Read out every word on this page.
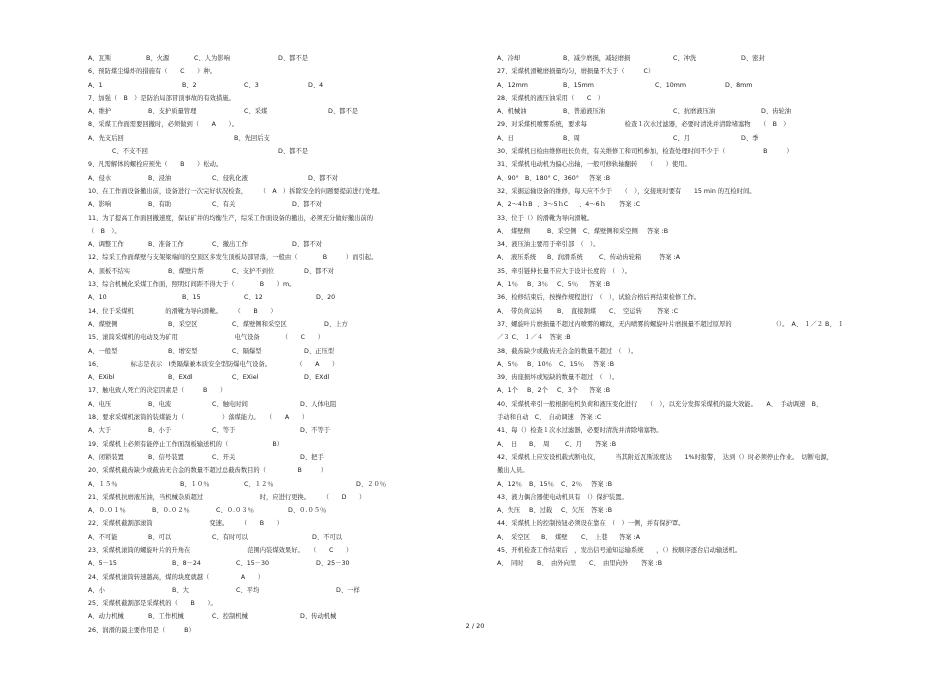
A、瓦斯	B、火源	C、人为影响	D、都不是
6、预防煤尘爆炸的措施有（　　C　　）种。
A、1	B、2	C、3	D、4
7、加强（　B　）是防治局部冒顶事故的有效措施。
A、维护	B、支护质量管理	C、采煤	D、都不是
8、采煤工作面需要回撤时，必须做到（　　A　　）。
A、先支后回	B、先回后支
C、不支不回	D、都不是
9、凡需解体的螺栓应预先（　　B　　）松动。
A、侵水	B、浸油	C、侵乳化液	D、都不对
10、在工作面设备撤出前，设备进行一次完好状况检查，　　　（　A　）拆除安全的问题要提前进行处理。
A、影响	B、有助	C、有关	D、都不对
11、为了提高工作面回撤速度，保证矿井的均衡生产，综采工作面设备的撤出，必须充分做好撤出前的
（　B　）。
A、调整工作	B、准备工作	C、撤出工作	D、都不对
12、综采工作面煤壁与支架梁端间的空顶区多发生顶板局部冒落，一般由（　　　　B　　　）而引起。
A、顶板不结实	B、煤壁片帮	C、支护不到位	D、都不对
13、综合机械化采煤工作面，照明灯间距不得大于（　　　　B　　）m。
A、10	B、15	C、12	D、20
14、位于采煤机　　　　　的滑靴为导向滑靴。　　　（　　B　　）
A、煤壁侧	B、采空区	C、煤壁侧和采空区	D、上方
15、滚筒采煤机的电动及为矿用　　　　　　　　　电气设备　　　　（　　C　　）
A、一般型	B、增安型	C、隔爆型	D、正压型
16、　　　　　标志是表示　Ⅰ类隔爆兼本质安全型防爆电气设备。　　　　　（　　A　　）
A、EXibl	B、EXdl	C、EXiel	D、EXdl
17、触电致人死亡的决定因素是（　　　B　　）
A、电压	B、电流	C、触电时间	D、人体电阻
18、要求采煤机滚筒的装煤能力（　　　　　　）落煤能力。　　（　　A　　）
A、大于	B、小于	C、等于	D、不等于
19、采煤机上必须有能停止工作面刮板输送机的（　　　　　　　B）
A、闭锁装置	B、信号装置	C、开关	D、把手
20、采煤机截齿缺少或截齿无合金的数量不超过总截齿数目的（　　　　　B　　　）
A、１５％	B、１０％	C、１２％	D、２０％
21、采煤机抗磨液压油，当机械杂质超过　　　　　　　　　时，应进行更换。　　　（　　D　　）
A、０.０１％	B、０.０２％	C、０.０３％	D、０.０５％
22、采煤机截割部滚筒　　　　　　　　　变速。　　　（　　B　　）
A、不可能	B、可以	C、有时可以	D、不可以
23、采煤机滚筒的螺旋叶片的升角在　　　　　　　　　范围内装煤效果好。　　（　　C　　）
A、5－15	B、8－24	C、15－30	D、25－30
24、采煤机滚筒转速越高，煤的块度就越（　　　　　A　　）
A、小	B、大	C、平均	D、一样
25、采煤机截割部是采煤机的（　　B　　）。
A、动力机械	B、工作机械	C、控制机械	D、传动机械
26、润滑的最主要作用是（　　　B）
A、冷却	B、减少磨损，减轻磨损	C、冲洗	D、密封
27、采煤机滑靴磨损量均匀，磨损量不大于（　　　C）
A、12mm	B、15mm	C、10mm	D、8mm
28、采煤机的液压油采用（　　C　）
A、机械油	B、普通液压油	C、抗磨液压油	D、齿轮油
29、对采煤机喷雾系统，要求每　　　　　　检查１次水过滤器，必要时清洗并清除堵塞物　　（　B　）
A、日	B、周	C、月	D、季
30、采煤机日检由维修班长负责，有关维修工和司机参加，检查处理时间不少于（　　　　　　B　　　）
31、采煤机电动机为偏心出轴，一般可修轨轴翻转　　（　　）使用。
A、90° B、180° C、360° 答案 :B
32、采掘运输设备的维修，每天应不少于　　（　），交接班时要有　　15 min 的互检时间。
A、2～4ｈB 、3～5ｈC 、4～6ｈ 答案 :C
33、位于（）的滑靴为导向滑靴。
A、 煤壁侧	B、采空侧 C、煤壁侧和采空侧 答案 :B
34、液压油主要用于牵引部　（　）。
A、 液压系统 B、润滑系统	C、传动齿轮箱	答案 :A
35、牵引链伸长量不应大于设计长度的　（　）。
A、1％ B、3％ C、5％ 答案 :B
36、检修结束后，按操作规程进行　（　），试验合格后再结束检修工作。
A、 带负荷运转 B、 直接割煤 C、 空运转 答案 :C
37、螺旋叶片磨损量不超过内喷雾的螺纹，无内喷雾的螺旋叶片磨损量不超过原厚的　　　　　　　（）。　A、 １／２ B、 １
／３ C、 １／４　答案 :B
38、截齿缺少或截齿无合金的数量不超过　（　）。
A、5％ B、10％ C、15％ 答案 :B
39、齿座损坏或短缺的数量不超过　（　）。
A、1个 B、2个 C、3个 答案 :B
40、采煤机牵引一般根据电机负荷和液压变化进行　　（　），以充分发挥采煤机的最大效能。　　A、　手动调速　B、
手动和自动　C、　自动调速　答案 :C
41、每（）检查１次水过滤器，必要时清洗并清除堵塞物。
A、 日 B、 周 C、月 答案 :B
42、采煤机上应安设机载式断电仪，　　　当其附近瓦斯浓度达　　1%时报警，　达到（）时必须停止作业。　切断电源，
撤出人员。
A、12％ B、15％ C、2％ 答案 :B
43、液力偶合器使电动机具有　（）保护装置。
A、失压 B、过载 C、欠压 答案 :B
44、采煤机上的控制按钮必须设在靠在　（　）一侧，并有保护罩。
A、 采空区 B、 煤壁 C、 上巷 答案 :A
45、开机检查工作结束后　，发出信号通知运输系统　　，（）按顺序逐台启动输送机。
A、 同时 B、 由外向里 C、 由里向外 答案 :B
2 / 20
